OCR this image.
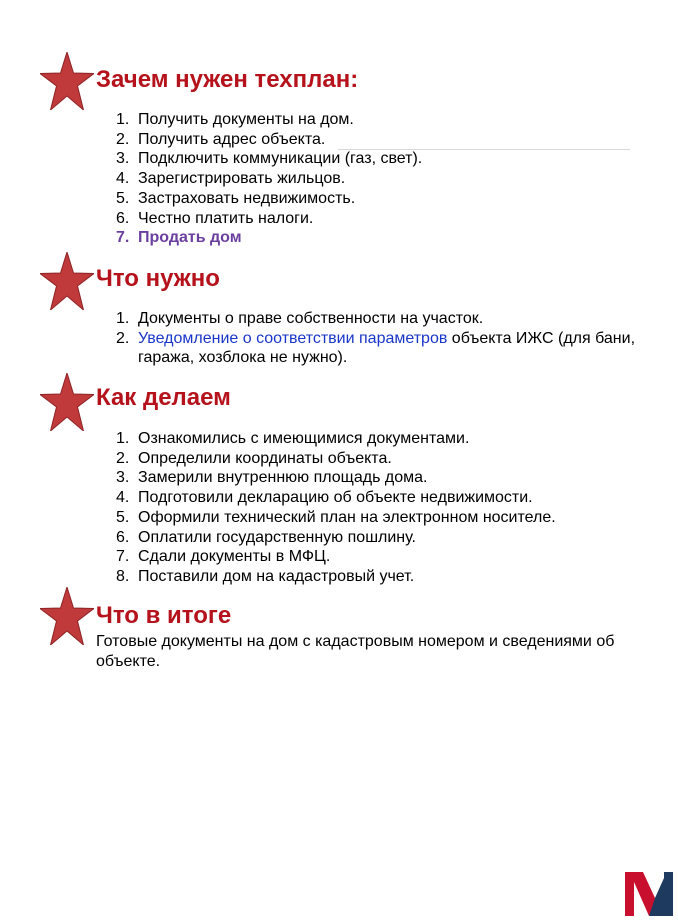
Зачем нужен техплан:
1. Получить документы на дом.
2. Получить адрес объекта.
3. Подключить коммуникации (газ, свет).
4. Зарегистрировать жильцов.
5. Застраховать недвижимость.
6. Честно платить налоги.
7. Продать дом
Что нужно
1. Документы о праве собственности на участок.
2. Уведомление о соответствии параметров объекта ИЖС (для бани, гаража, хозблока не нужно).
Как делаем
1. Ознакомились с имеющимися документами.
2. Определили координаты объекта.
3. Замерили внутреннюю площадь дома.
4. Подготовили декларацию об объекте недвижимости.
5. Оформили технический план на электронном носителе.
6. Оплатили государственную пошлину.
7. Сдали документы в МФЦ.
8. Поставили дом на кадастровый учет.
Что в итоге

Готовые документы на дом с кадастровым номером и сведениями об объекте.
